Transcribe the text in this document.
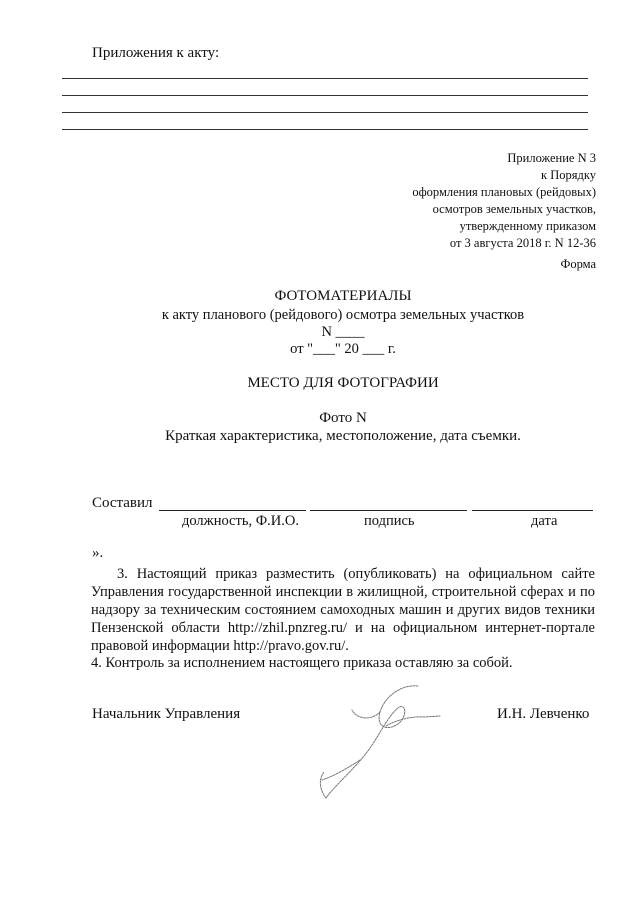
Приложения к акту:
Приложение N 3
к Порядку
оформления плановых (рейдовых)
осмотров земельных участков,
утвержденному приказом
от 3 августа 2018 г. N 12-36
Форма
ФОТОМАТЕРИАЛЫ
к акту планового (рейдового) осмотра земельных участков
N ____
от "___" 20 ___ г.
МЕСТО ДЛЯ ФОТОГРАФИИ
Фото N
Краткая характеристика, местоположение, дата съемки.
Составил
должность, Ф.И.О.	подпись	дата
».
3. Настоящий приказ разместить (опубликовать) на официальном сайте Управления государственной инспекции в жилищной, строительной сферах и по надзору за техническим состоянием самоходных машин и других видов техники Пензенской области http://zhil.pnzreg.ru/ и на официальном интернет-портале правовой информации http://pravo.gov.ru/.
4. Контроль за исполнением настоящего приказа оставляю за собой.
Начальник Управления	И.Н. Левченко
